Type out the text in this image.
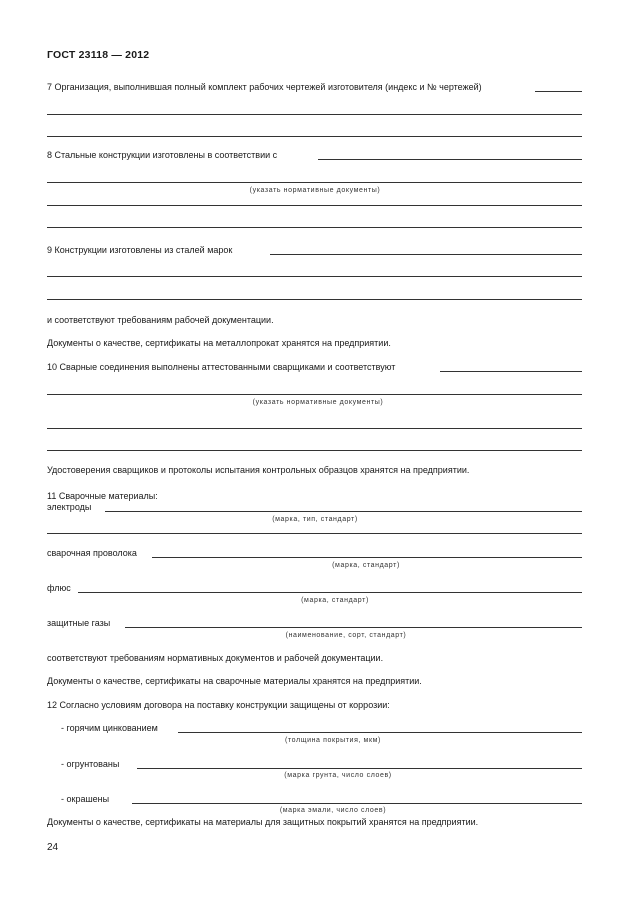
ГОСТ 23118 — 2012
7 Организация, выполнившая полный комплект рабочих чертежей изготовителя (индекс и № чертежей)
8 Стальные конструкции изготовлены в соответствии с
(указать нормативные документы)
9 Конструкции изготовлены из сталей марок
и соответствуют требованиям рабочей документации.
Документы о качестве, сертификаты на металлопрокат хранятся на предприятии.
10 Сварные соединения выполнены аттестованными сварщиками и соответствуют
(указать нормативные документы)
Удостоверения сварщиков и протоколы испытания контрольных образцов хранятся на предприятии.
11 Сварочные материалы:
электроды
(марка, тип, стандарт)
сварочная проволока
(марка, стандарт)
флюс
(марка, стандарт)
защитные газы
(наименование, сорт, стандарт)
соответствуют требованиям нормативных документов и рабочей документации.
Документы о качестве, сертификаты на сварочные материалы хранятся на предприятии.
12 Согласно условиям договора на поставку конструкции защищены от коррозии:
- горячим цинкованием
(толщина покрытия, мкм)
- огрунтованы
(марка грунта, число слоев)
- окрашены
(марка эмали, число слоев)
Документы о качестве, сертификаты на материалы для защитных покрытий хранятся на предприятии.
24
